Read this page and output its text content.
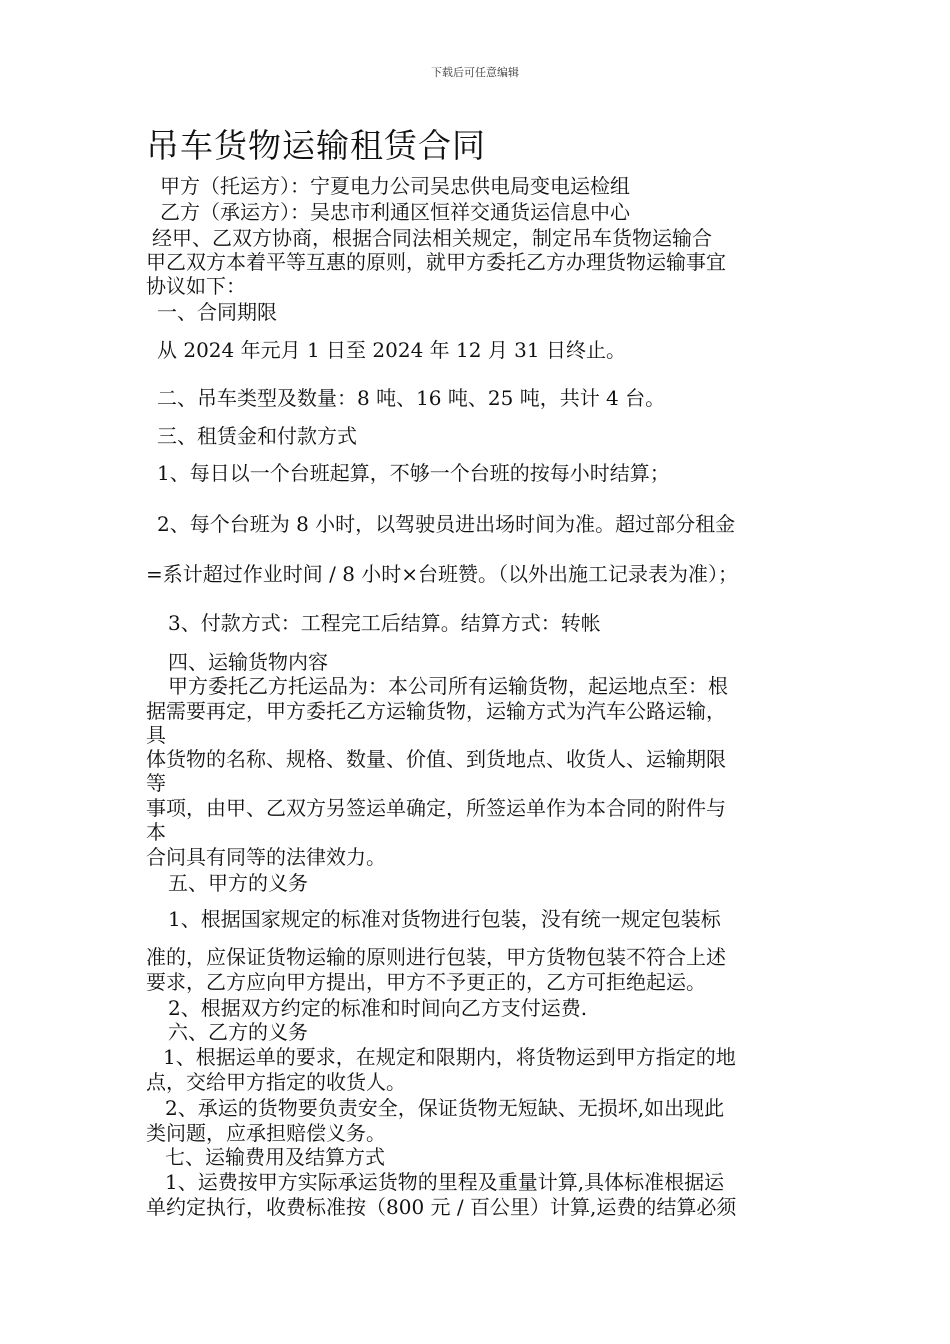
下载后可任意编辑
吊车货物运输租赁合同
甲方（托运方）：宁夏电力公司吴忠供电局变电运检组
乙方（承运方）：吴忠市利通区恒祥交通货运信息中心
经甲、乙双方协商，根据合同法相关规定，制定吊车货物运输合
甲乙双方本着平等互惠的原则，就甲方委托乙方办理货物运输事宜
协议如下：
一、合同期限
从 2024 年元月 1 日至 2024 年 12 月 31 日终止。
二、吊车类型及数量：8 吨、16 吨、25 吨，共计 4 台。
三、租赁金和付款方式
1、每日以一个台班起算，不够一个台班的按每小时结算；
2、每个台班为 8 小时，以驾驶员进出场时间为准。超过部分租金
=系计超过作业时间 / 8 小时×台班赞。（以外出施工记录表为准）；
3、付款方式：工程完工后结算。结算方式：转帐
四、运输货物内容
甲方委托乙方托运品为：本公司所有运输货物，起运地点至：根
据需要再定，甲方委托乙方运输货物，运输方式为汽车公路运输，
具
体货物的名称、规格、数量、价值、到货地点、收货人、运输期限
等
事项，由甲、乙双方另签运单确定，所签运单作为本合同的附件与
本
合问具有同等的法律效力。
五、甲方的义务
1、根据国家规定的标准对货物进行包装，没有统一规定包装标
准的，应保证货物运输的原则进行包装，甲方货物包装不符合上述
要求，乙方应向甲方提出，甲方不予更正的，乙方可拒绝起运。
2、根据双方约定的标准和时间向乙方支付运费.
六、乙方的义务
1、根据运单的要求，在规定和限期内，将货物运到甲方指定的地
点，交给甲方指定的收货人。
2、承运的货物要负责安全，保证货物无短缺、无损坏,如出现此
类问题，应承担赔偿义务。
七、运输费用及结算方式
1、运费按甲方实际承运货物的里程及重量计算,具体标准根据运
单约定执行，收费标准按（800 元 / 百公里）计算,运费的结算必须
